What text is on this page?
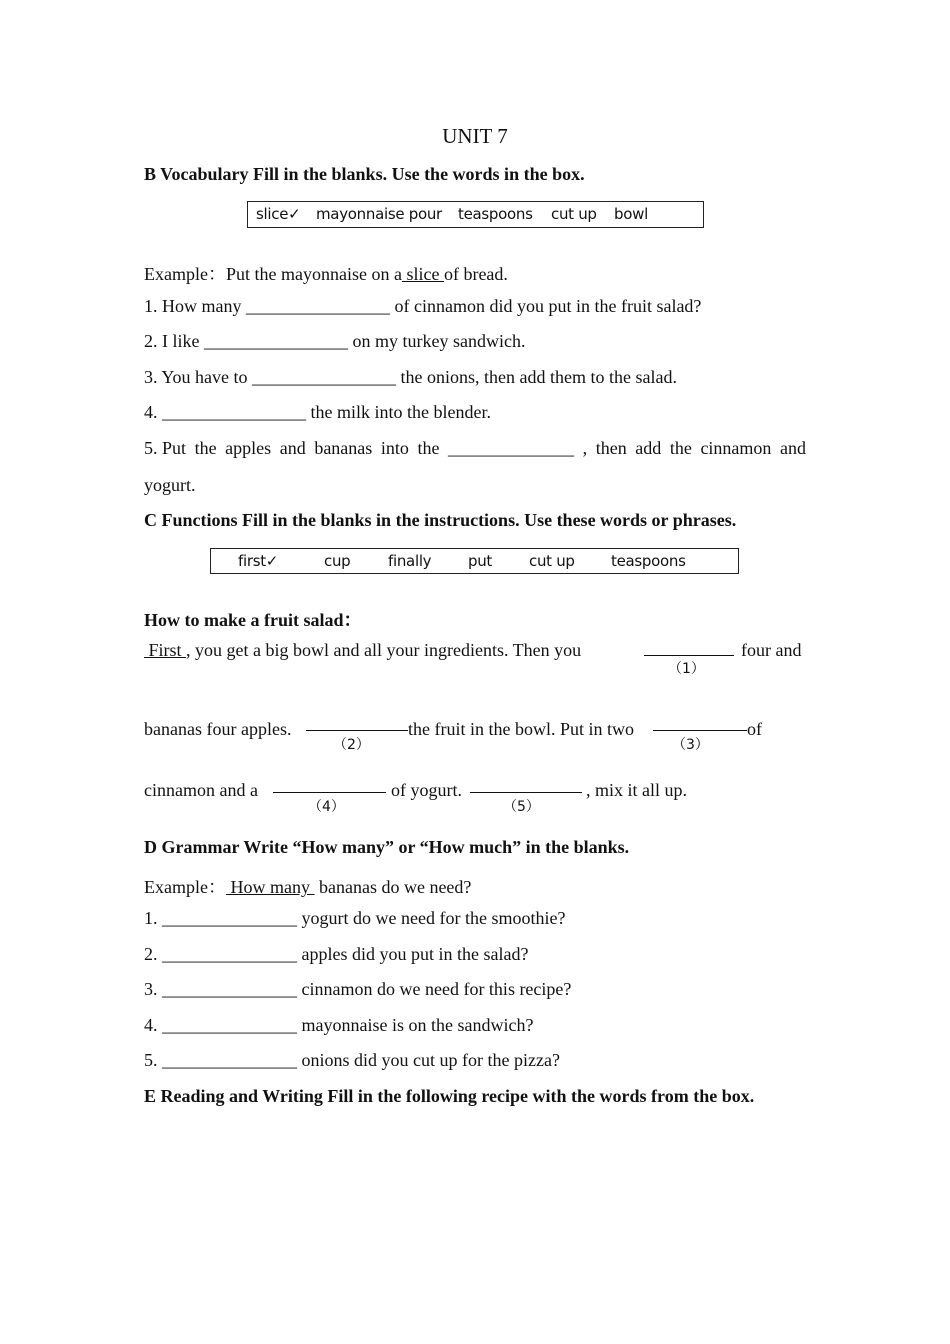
UNIT 7
B Vocabulary Fill in the blanks. Use the words in the box.
slice✓ mayonnaise pour teaspoons cut up bowl
Example：Put the mayonnaise on a slice of bread.
1. How many ________________ of cinnamon did you put in the fruit salad?
2. I like ________________ on my turkey sandwich.
3. You have to ________________ the onions, then add them to the salad.
4. ________________ the milk into the blender.
5. Put the apples and bananas into the ______________ , then add the cinnamon and
yogurt.
C Functions Fill in the blanks in the instructions. Use these words or phrases.
first✓	cup	finally put cut up teaspoons
How to make a fruit salad：
First , you get a big bowl and all your ingredients. Then you
（1）
four and
bananas four apples.
（2）
the fruit in the bowl. Put in two
（3）
of
cinnamon and a
（4）
of yogurt.
（5）
, mix it all up.
D Grammar Write “How many” or “How much” in the blanks.
Example： How many  bananas do we need?
1. _______________ yogurt do we need for the smoothie?
2. _______________ apples did you put in the salad?
3. _______________ cinnamon do we need for this recipe?
4. _______________ mayonnaise is on the sandwich?
5. _______________ onions did you cut up for the pizza?
E Reading and Writing Fill in the following recipe with the words from the box.
